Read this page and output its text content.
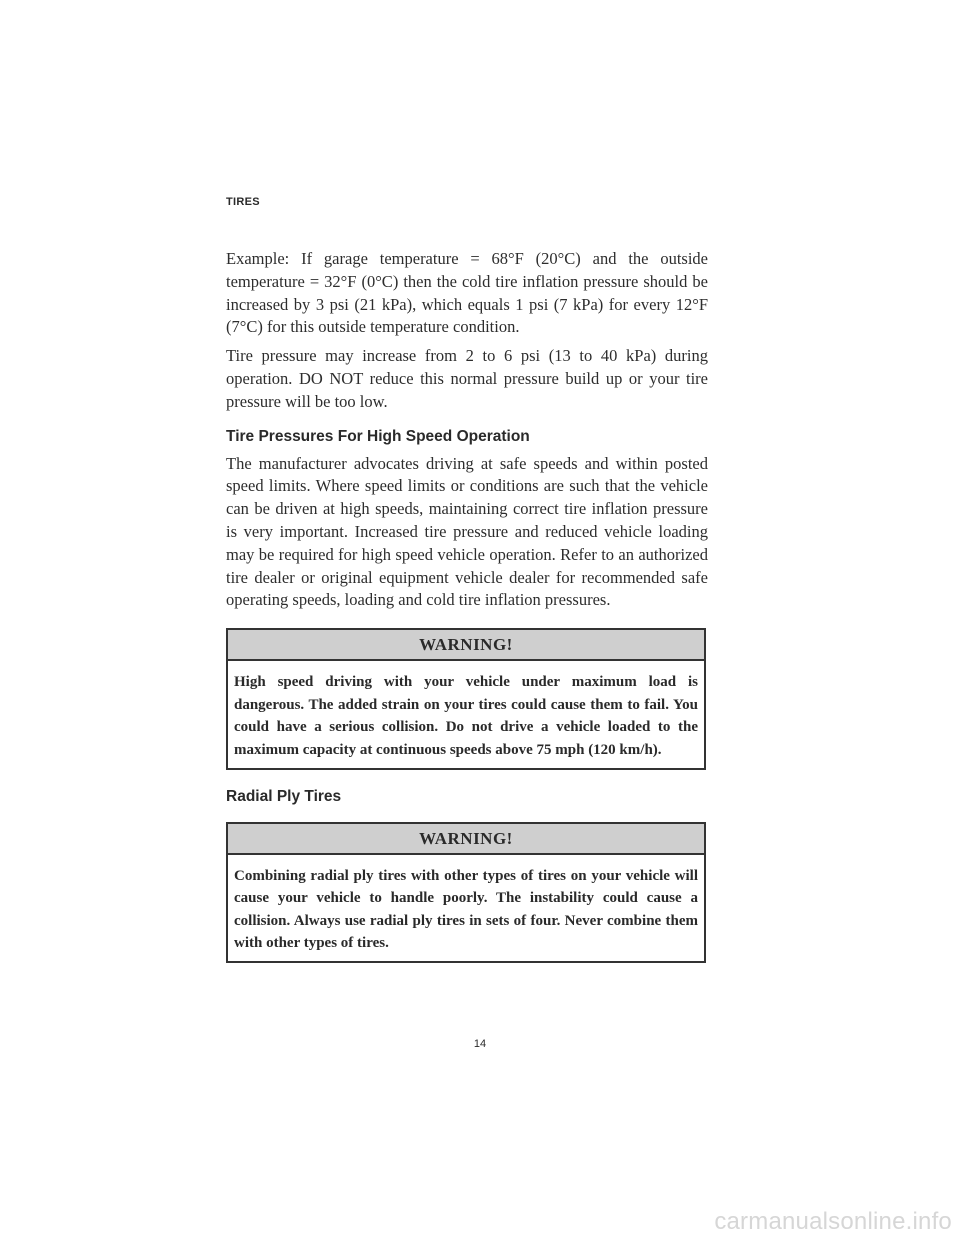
TIRES

Example: If garage temperature = 68°F (20°C) and the outside temperature = 32°F (0°C) then the cold tire inflation pressure should be increased by 3 psi (21 kPa), which equals 1 psi (7 kPa) for every 12°F (7°C) for this outside temperature condition.

Tire pressure may increase from 2 to 6 psi (13 to 40 kPa) during operation. DO NOT reduce this normal pressure build up or your tire pressure will be too low.

Tire Pressures For High Speed Operation

The manufacturer advocates driving at safe speeds and within posted speed limits. Where speed limits or conditions are such that the vehicle can be driven at high speeds, maintaining correct tire inflation pressure is very important. Increased tire pressure and reduced vehicle loading may be required for high speed vehicle operation. Refer to an authorized tire dealer or original equipment vehicle dealer for recommended safe operating speeds, loading and cold tire inflation pressures.

WARNING!
High speed driving with your vehicle under maximum load is dangerous. The added strain on your tires could cause them to fail. You could have a serious collision. Do not drive a vehicle loaded to the maximum capacity at continuous speeds above 75 mph (120 km/h).
Radial Ply Tires
WARNING!
Combining radial ply tires with other types of tires on your vehicle will cause your vehicle to handle poorly. The instability could cause a collision. Always use radial ply tires in sets of four. Never combine them with other types of tires.
14
carmanualsonline.info
